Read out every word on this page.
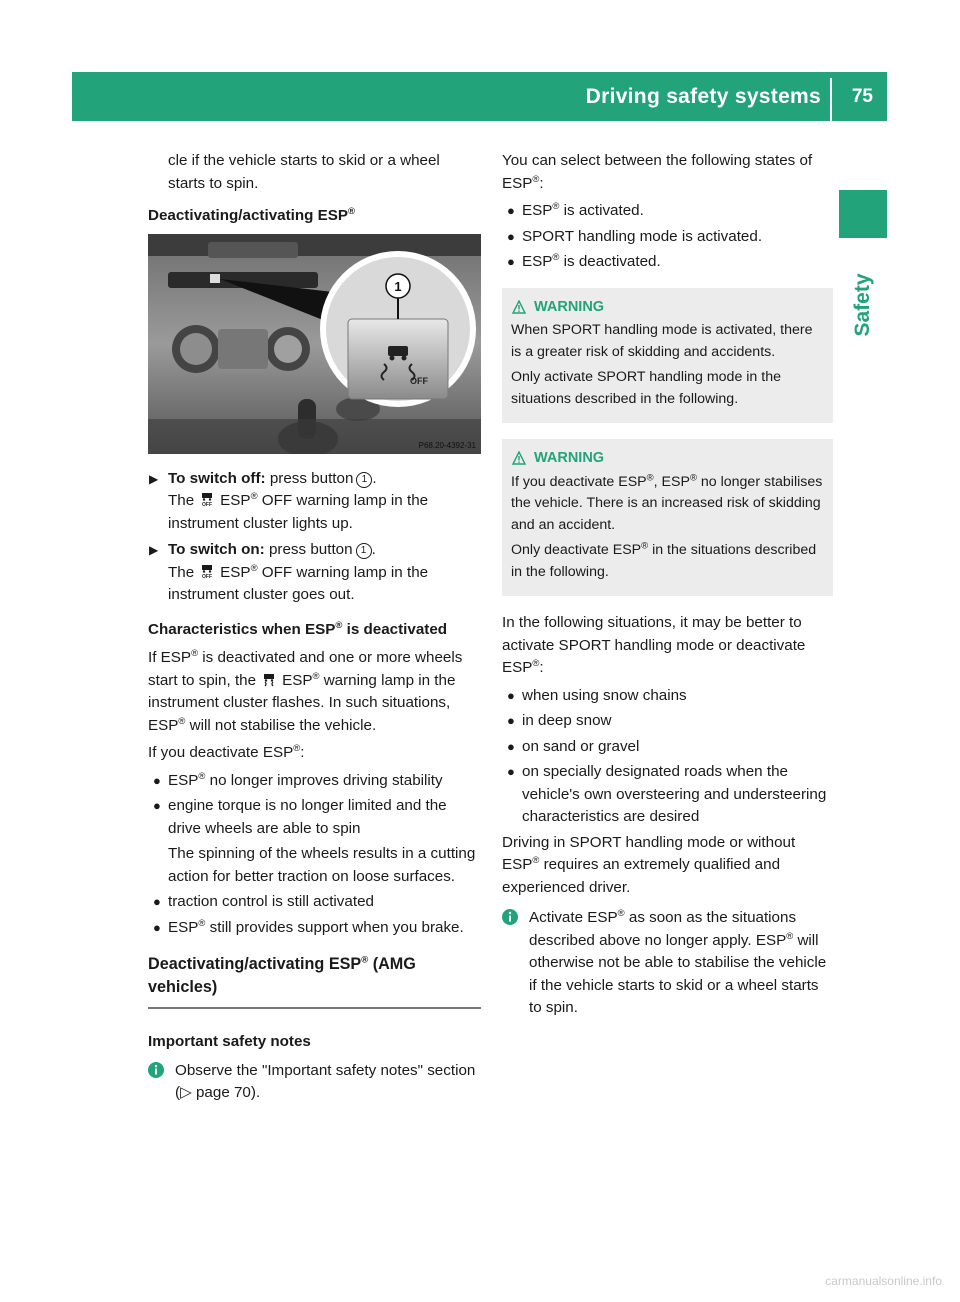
Driving safety systems 75
Safety

cle if the vehicle starts to skid or a wheel starts to spin.

Deactivating/activating ESP®

1
OFF
P68.20-4392-31
▶ To switch off: press button 1 .
The OFF ESP® OFF warning lamp in the instrument cluster lights up.
▶ To switch on: press button 1 .
The OFF ESP® OFF warning lamp in the instrument cluster goes out.

Characteristics when ESP® is deactivated

If ESP® is deactivated and one or more wheels start to spin, the ESP® warning lamp in the instrument cluster flashes. In such situations, ESP® will not stabilise the vehicle.

If you deactivate ESP®:

● ESP® no longer improves driving stability
● engine torque is no longer limited and the drive wheels are able to spin
The spinning of the wheels results in a cutting action for better traction on loose surfaces.
● traction control is still activated
● ESP® still provides support when you brake.

Deactivating/activating ESP® (AMG vehicles)

Important safety notes

Observe the "Important safety notes" section (▷ page 70).

You can select between the following states of ESP®:

● ESP® is activated.
● SPORT handling mode is activated.
● ESP® is deactivated.
WARNING

When SPORT handling mode is activated, there is a greater risk of skidding and accidents.

Only activate SPORT handling mode in the situations described in the following.

WARNING

If you deactivate ESP®, ESP® no longer stabilises the vehicle. There is an increased risk of skidding and an accident.

Only deactivate ESP® in the situations described in the following.

In the following situations, it may be better to activate SPORT handling mode or deactivate ESP®:

● when using snow chains
● in deep snow
● on sand or gravel
● on specially designated roads when the vehicle's own oversteering and understeering characteristics are desired

Driving in SPORT handling mode or without ESP® requires an extremely qualified and experienced driver.

Activate ESP® as soon as the situations described above no longer apply. ESP® will otherwise not be able to stabilise the vehicle if the vehicle starts to skid or a wheel starts to spin.
carmanualsonline.info
